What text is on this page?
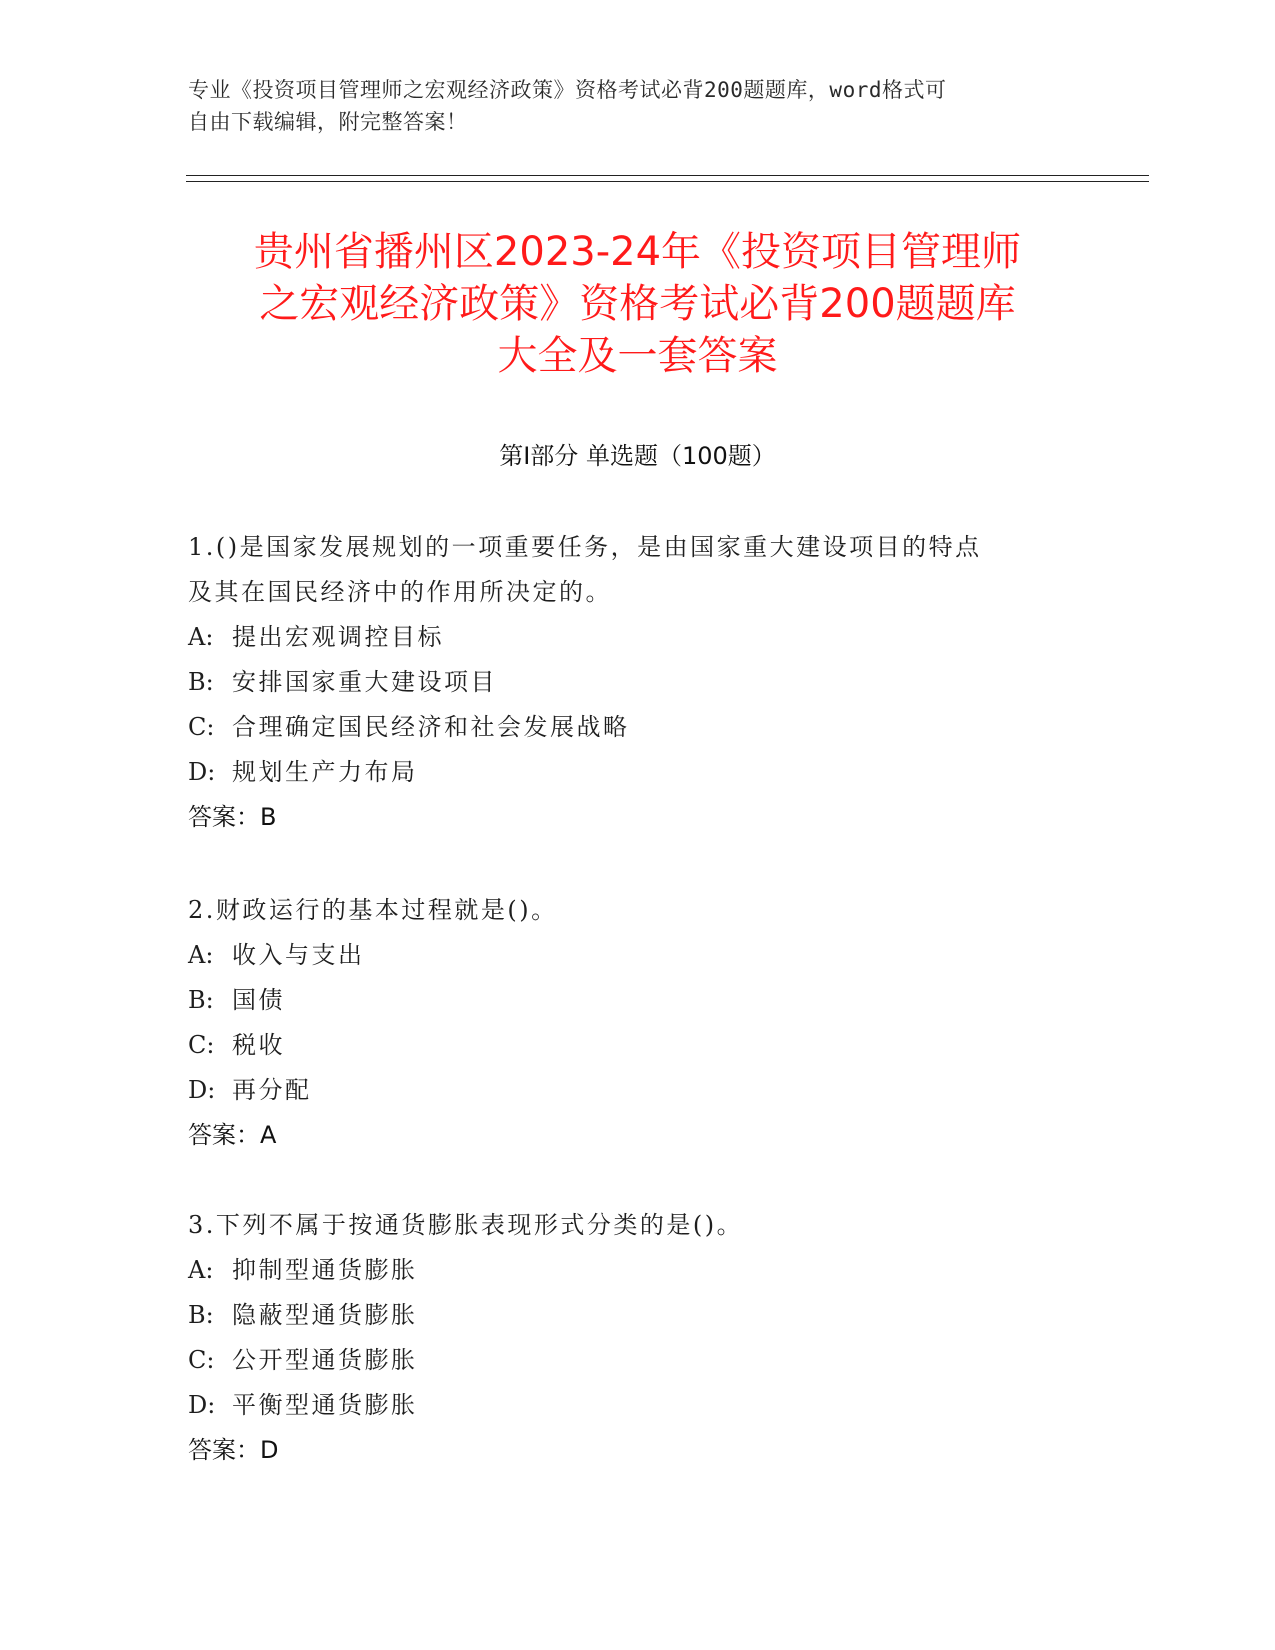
专业《投资项目管理师之宏观经济政策》资格考试必背200题题库，word格式可
自由下载编辑，附完整答案！
贵州省播州区2023-24年《投资项目管理师
之宏观经济政策》资格考试必背200题题库
大全及一套答案
第Ⅰ部分 单选题（100题）
1.()是国家发展规划的一项重要任务，是由国家重大建设项目的特点
及其在国民经济中的作用所决定的。
A: 提出宏观调控目标
B: 安排国家重大建设项目
C: 合理确定国民经济和社会发展战略
D: 规划生产力布局
答案：B
2.财政运行的基本过程就是()。
A: 收入与支出
B: 国债
C: 税收
D: 再分配
答案：A
3.下列不属于按通货膨胀表现形式分类的是()。
A: 抑制型通货膨胀
B: 隐蔽型通货膨胀
C: 公开型通货膨胀
D: 平衡型通货膨胀
答案：D
